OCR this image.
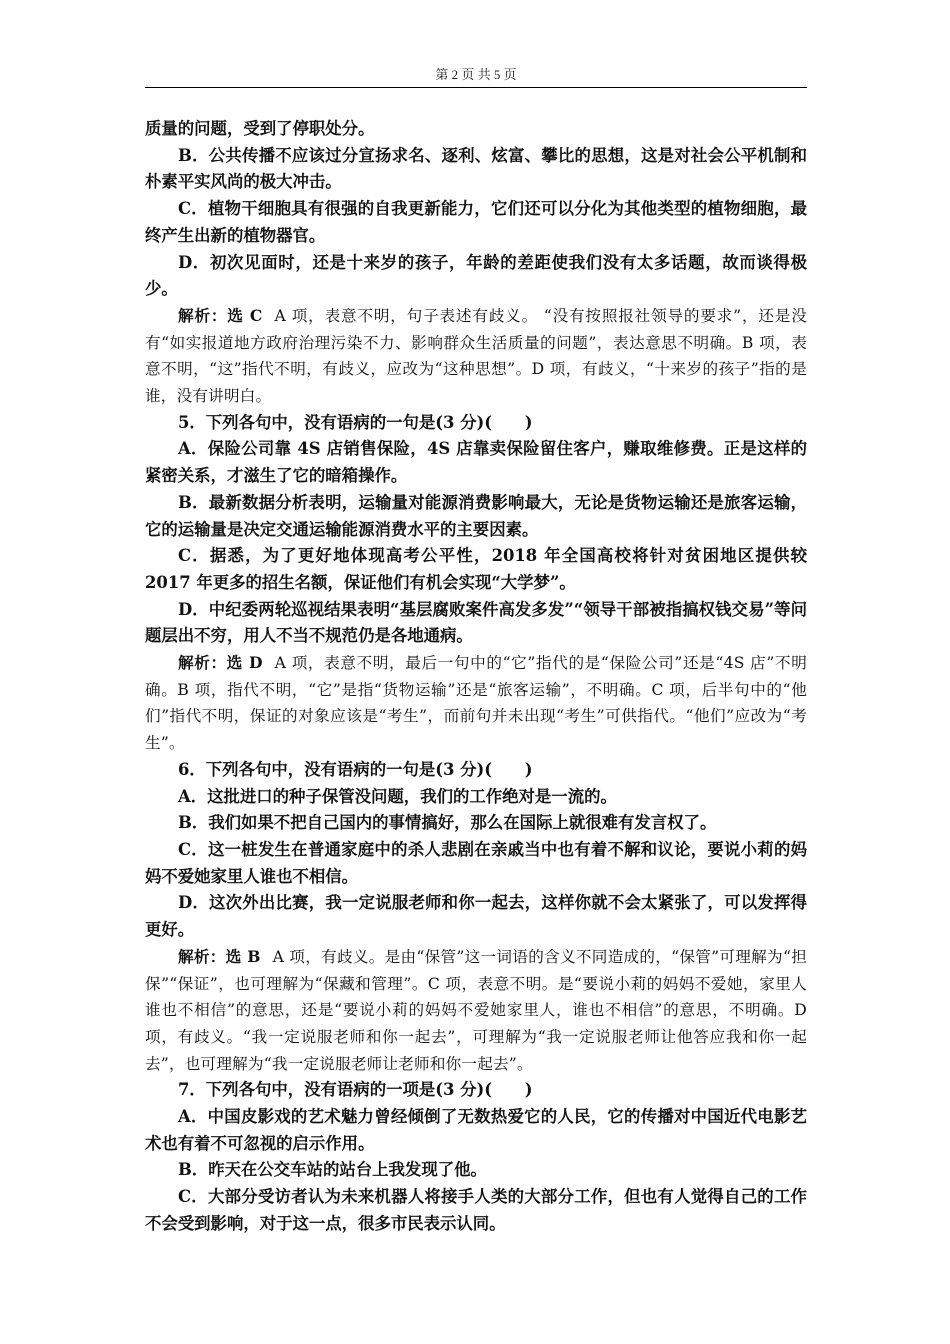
第 2 页 共 5 页

质量的问题，受到了停职处分。

B．公共传播不应该过分宣扬求名、逐利、炫富、攀比的思想，这是对社会公平机制和朴素平实风尚的极大冲击。

C．植物干细胞具有很强的自我更新能力，它们还可以分化为其他类型的植物细胞，最终产生出新的植物器官。

D．初次见面时，还是十来岁的孩子，年龄的差距使我们没有太多话题，故而谈得极少。

解析：选 C A 项，表意不明，句子表述有歧义。 “没有按照报社领导的要求”，还是没有“如实报道地方政府治理污染不力、影响群众生活质量的问题”，表达意思不明确。B 项，表意不明，“这”指代不明，有歧义，应改为“这种思想”。D 项，有歧义，“十来岁的孩子”指的是谁，没有讲明白。

5．下列各句中，没有语病的一句是(3 分)(　　)

A．保险公司靠 4S 店销售保险，4S 店靠卖保险留住客户，赚取维修费。正是这样的紧密关系，才滋生了它的暗箱操作。

B．最新数据分析表明，运输量对能源消费影响最大，无论是货物运输还是旅客运输，它的运输量是决定交通运输能源消费水平的主要因素。

C．据悉，为了更好地体现高考公平性，2018 年全国高校将针对贫困地区提供较 2017 年更多的招生名额，保证他们有机会实现“大学梦”。

D．中纪委两轮巡视结果表明“基层腐败案件高发多发”“领导干部被指搞权钱交易”等问题层出不穷，用人不当不规范仍是各地通病。

解析：选 D A 项，表意不明，最后一句中的“它”指代的是“保险公司”还是“4S 店”不明确。B 项，指代不明，“它”是指“货物运输”还是“旅客运输”，不明确。C 项，后半句中的“他们”指代不明，保证的对象应该是“考生”，而前句并未出现“考生”可供指代。“他们”应改为“考生”。

6．下列各句中，没有语病的一句是(3 分)(　　)

A．这批进口的种子保管没问题，我们的工作绝对是一流的。

B．我们如果不把自己国内的事情搞好，那么在国际上就很难有发言权了。

C．这一桩发生在普通家庭中的杀人悲剧在亲戚当中也有着不解和议论，要说小莉的妈妈不爱她家里人谁也不相信。

D．这次外出比赛，我一定说服老师和你一起去，这样你就不会太紧张了，可以发挥得更好。

解析：选 B A 项，有歧义。是由“保管”这一词语的含义不同造成的，“保管”可理解为“担保”“保证”，也可理解为“保藏和管理”。C 项，表意不明。是“要说小莉的妈妈不爱她，家里人谁也不相信”的意思，还是“要说小莉的妈妈不爱她家里人，谁也不相信”的意思，不明确。D 项，有歧义。“我一定说服老师和你一起去”，可理解为“我一定说服老师让他答应我和你一起去”，也可理解为“我一定说服老师让老师和你一起去”。

7．下列各句中，没有语病的一项是(3 分)(　　)

A．中国皮影戏的艺术魅力曾经倾倒了无数热爱它的人民，它的传播对中国近代电影艺术也有着不可忽视的启示作用。

B．昨天在公交车站的站台上我发现了他。

C．大部分受访者认为未来机器人将接手人类的大部分工作，但也有人觉得自己的工作不会受到影响，对于这一点，很多市民表示认同。
